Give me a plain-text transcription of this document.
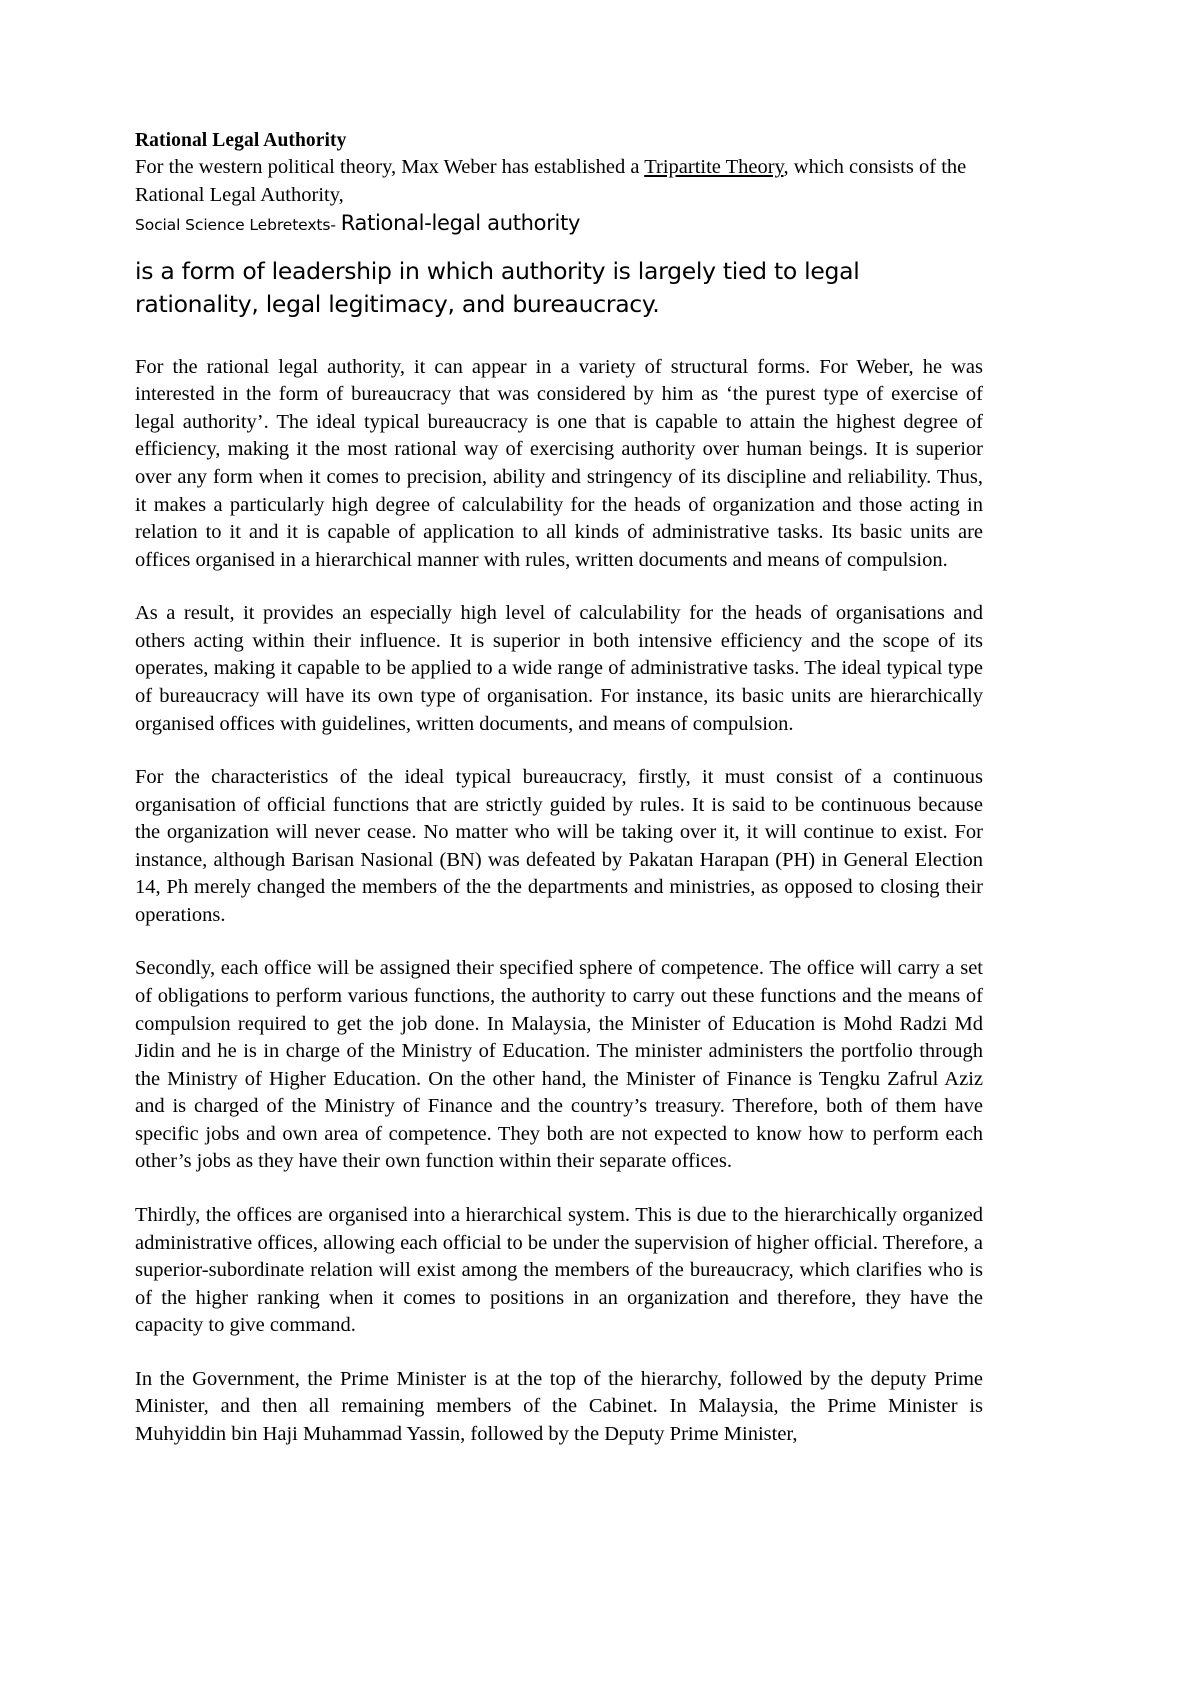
Rational Legal Authority

For the western political theory, Max Weber has established a Tripartite Theory, which consists of the Rational Legal Authority,

Social Science Lebretexts- Rational-legal authority

is a form of leadership in which authority is largely tied to legal rationality, legal legitimacy, and bureaucracy.

For the rational legal authority, it can appear in a variety of structural forms. For Weber, he was interested in the form of bureaucracy that was considered by him as ‘the purest type of exercise of legal authority’. The ideal typical bureaucracy is one that is capable to attain the highest degree of efficiency, making it the most rational way of exercising authority over human beings. It is superior over any form when it comes to precision, ability and stringency of its discipline and reliability. Thus, it makes a particularly high degree of calculability for the heads of organization and those acting in relation to it and it is capable of application to all kinds of administrative tasks. Its basic units are offices organised in a hierarchical manner with rules, written documents and means of compulsion.

As a result, it provides an especially high level of calculability for the heads of organisations and others acting within their influence. It is superior in both intensive efficiency and the scope of its operates, making it capable to be applied to a wide range of administrative tasks. The ideal typical type of bureaucracy will have its own type of organisation. For instance, its basic units are hierarchically organised offices with guidelines, written documents, and means of compulsion.

For the characteristics of the ideal typical bureaucracy, firstly, it must consist of a continuous organisation of official functions that are strictly guided by rules. It is said to be continuous because the organization will never cease. No matter who will be taking over it, it will continue to exist. For instance, although Barisan Nasional (BN) was defeated by Pakatan Harapan (PH) in General Election 14, Ph merely changed the members of the the departments and ministries, as opposed to closing their operations.

Secondly, each office will be assigned their specified sphere of competence. The office will carry a set of obligations to perform various functions, the authority to carry out these functions and the means of compulsion required to get the job done. In Malaysia, the Minister of Education is Mohd Radzi Md Jidin and he is in charge of the Ministry of Education. The minister administers the portfolio through the Ministry of Higher Education. On the other hand, the Minister of Finance is Tengku Zafrul Aziz and is charged of the Ministry of Finance and the country’s treasury. Therefore, both of them have specific jobs and own area of competence. They both are not expected to know how to perform each other’s jobs as they have their own function within their separate offices.

Thirdly, the offices are organised into a hierarchical system. This is due to the hierarchically organized administrative offices, allowing each official to be under the supervision of higher official. Therefore, a superior-subordinate relation will exist among the members of the bureaucracy, which clarifies who is of the higher ranking when it comes to positions in an organization and therefore, they have the capacity to give command.

In the Government, the Prime Minister is at the top of the hierarchy, followed by the deputy Prime Minister, and then all remaining members of the Cabinet. In Malaysia, the Prime Minister is Muhyiddin bin Haji Muhammad Yassin, followed by the Deputy Prime Minister,
